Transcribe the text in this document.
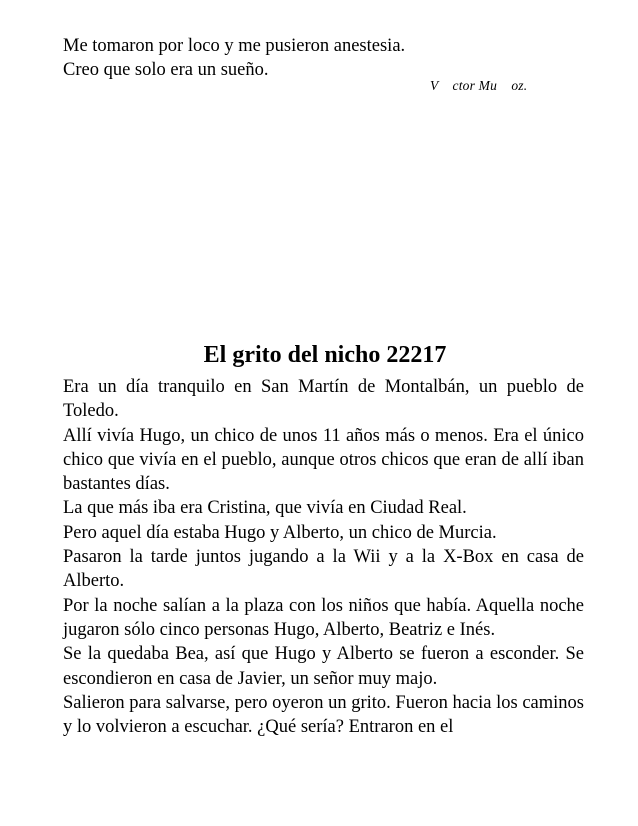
Me tomaron por loco y me pusieron anestesia.
Creo que solo era un sueño.
V    ctor Mu    oz.
El grito del nicho 22217

Era un día tranquilo en San Martín de Montalbán, un pueblo de Toledo.

Allí vivía Hugo, un chico de unos 11 años más o menos. Era el único chico que vivía en el pueblo, aunque otros chicos que eran de allí iban bastantes días.

La que más iba era Cristina, que vivía en Ciudad Real.

Pero aquel día estaba Hugo y Alberto, un chico de Murcia.

Pasaron la tarde juntos jugando a la Wii y a la X-Box en casa de Alberto.

Por la noche salían a la plaza con los niños que había. Aquella noche jugaron sólo cinco personas Hugo, Alberto, Beatriz e Inés.

Se la quedaba Bea, así que Hugo y Alberto se fueron a esconder. Se escondieron en casa de Javier, un señor muy majo.

Salieron para salvarse, pero oyeron un grito. Fueron hacia los caminos y lo volvieron a escuchar. ¿Qué sería? Entraron en el
